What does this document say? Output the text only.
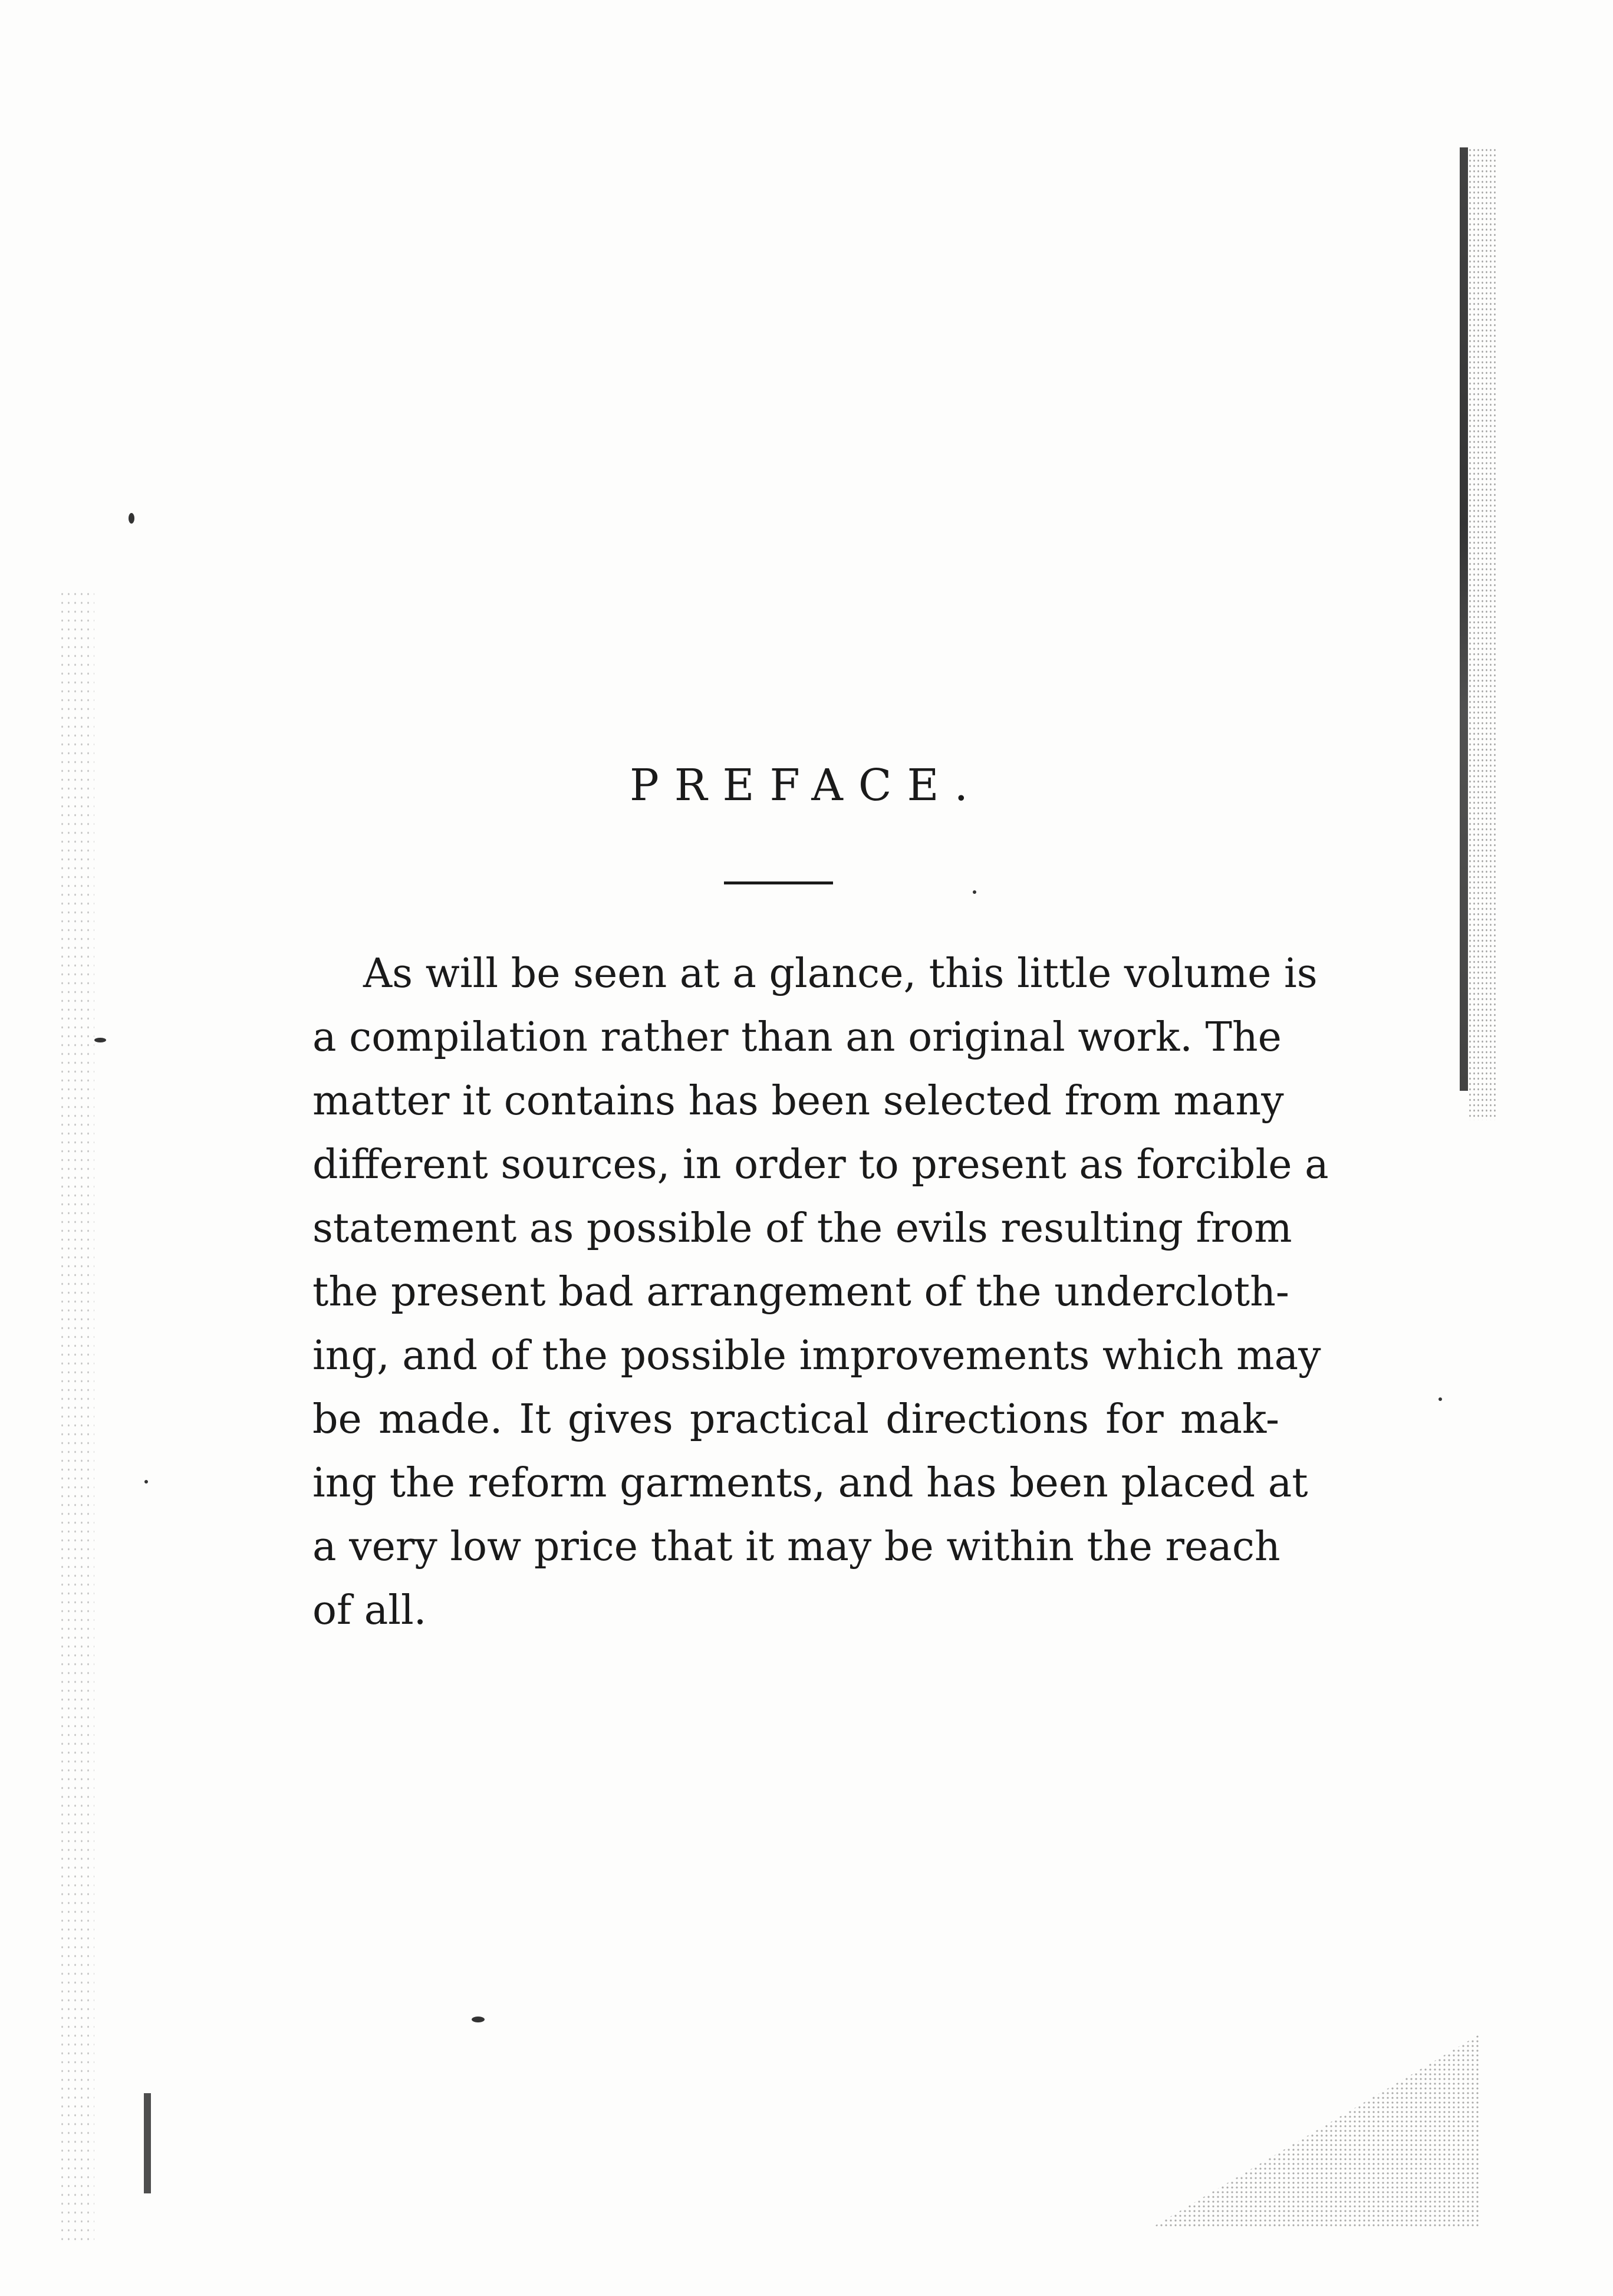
PREFACE.
As will be seen at a glance, this little volume is
a compilation rather than an original work. The
matter it contains has been selected from many
different sources, in order to present as forcible a
statement as possible of the evils resulting from
the present bad arrangement of the undercloth-
ing, and of the possible improvements which may
be made. It gives practical directions for mak-
ing the reform garments, and has been placed at
a very low price that it may be within the reach
of all.
